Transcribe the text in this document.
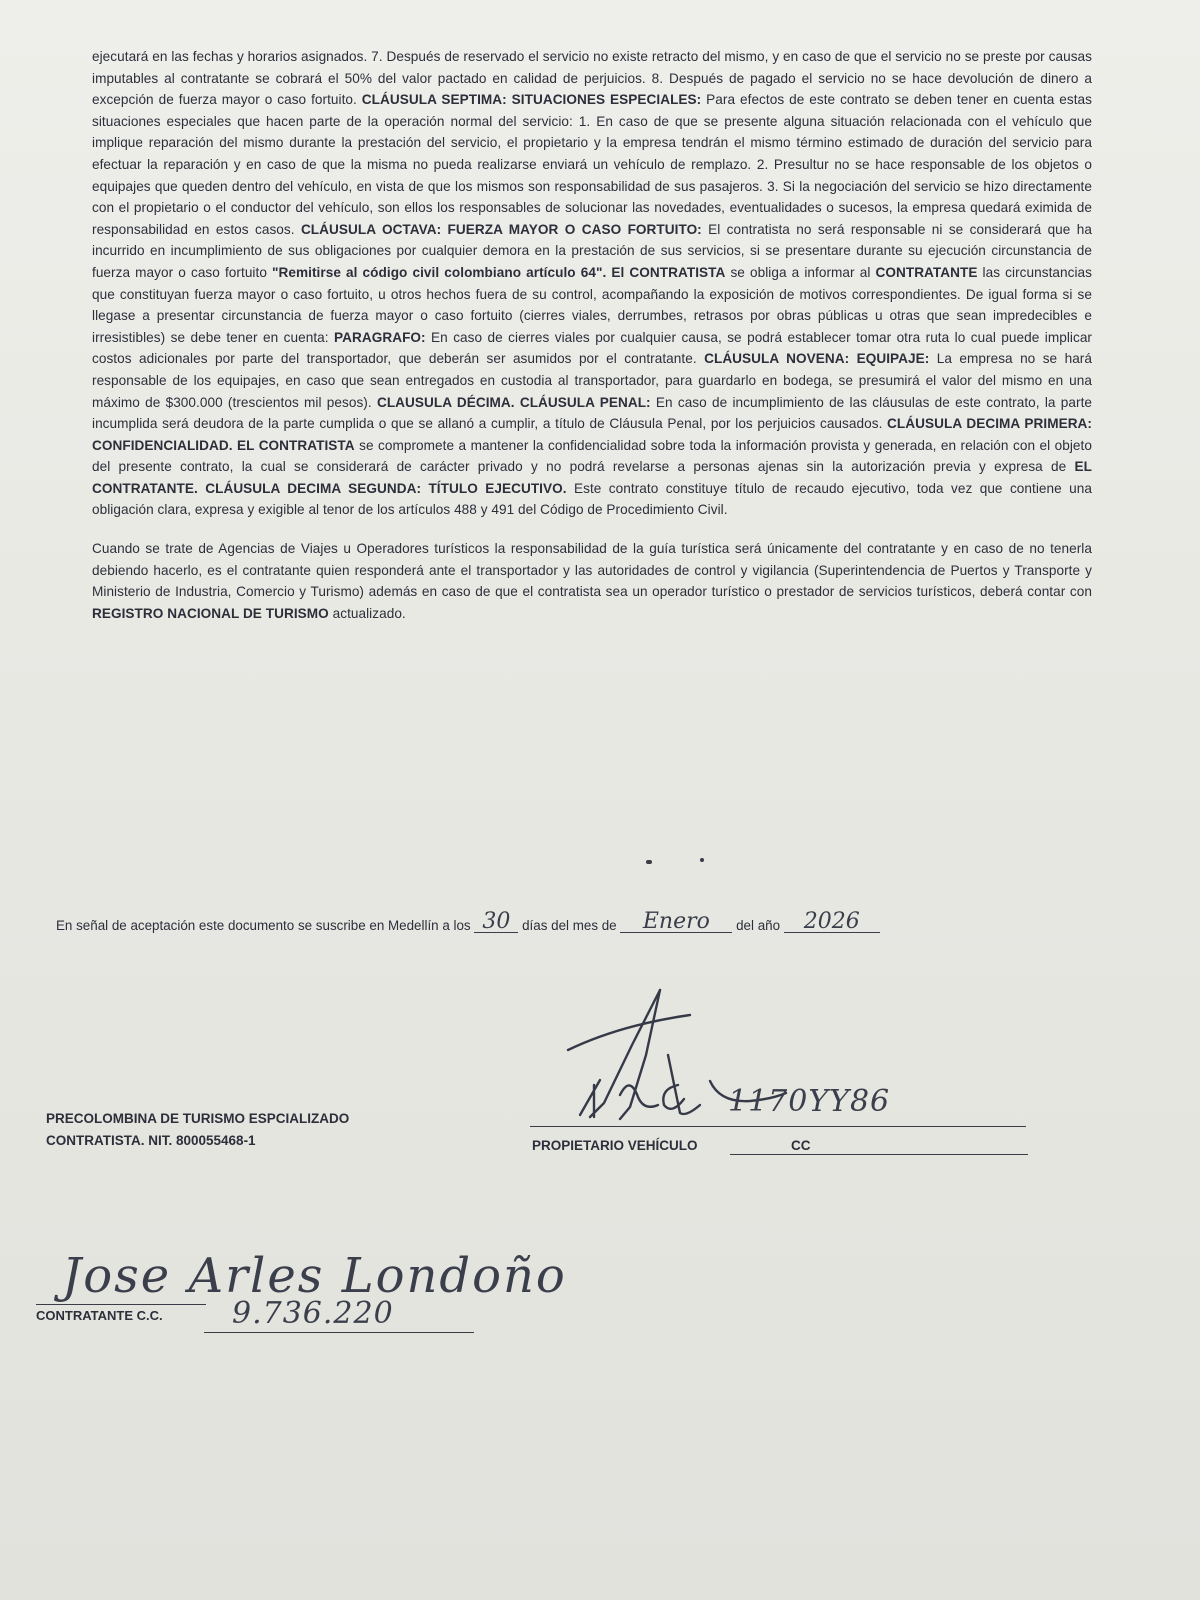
ejecutará en las fechas y horarios asignados. 7. Después de reservado el servicio no existe retracto del mismo, y en caso de que el servicio no se preste por causas imputables al contratante se cobrará el 50% del valor pactado en calidad de perjuicios. 8. Después de pagado el servicio no se hace devolución de dinero a excepción de fuerza mayor o caso fortuito. CLÁUSULA SEPTIMA: SITUACIONES ESPECIALES: Para efectos de este contrato se deben tener en cuenta estas situaciones especiales que hacen parte de la operación normal del servicio: 1. En caso de que se presente alguna situación relacionada con el vehículo que implique reparación del mismo durante la prestación del servicio, el propietario y la empresa tendrán el mismo término estimado de duración del servicio para efectuar la reparación y en caso de que la misma no pueda realizarse enviará un vehículo de remplazo. 2. Presultur no se hace responsable de los objetos o equipajes que queden dentro del vehículo, en vista de que los mismos son responsabilidad de sus pasajeros. 3. Si la negociación del servicio se hizo directamente con el propietario o el conductor del vehículo, son ellos los responsables de solucionar las novedades, eventualidades o sucesos, la empresa quedará eximida de responsabilidad en estos casos. CLÁUSULA OCTAVA: FUERZA MAYOR O CASO FORTUITO: El contratista no será responsable ni se considerará que ha incurrido en incumplimiento de sus obligaciones por cualquier demora en la prestación de sus servicios, si se presentare durante su ejecución circunstancia de fuerza mayor o caso fortuito "Remitirse al código civil colombiano artículo 64". El CONTRATISTA se obliga a informar al CONTRATANTE las circunstancias que constituyan fuerza mayor o caso fortuito, u otros hechos fuera de su control, acompañando la exposición de motivos correspondientes. De igual forma si se llegase a presentar circunstancia de fuerza mayor o caso fortuito (cierres viales, derrumbes, retrasos por obras públicas u otras que sean impredecibles e irresistibles) se debe tener en cuenta: PARAGRAFO: En caso de cierres viales por cualquier causa, se podrá establecer tomar otra ruta lo cual puede implicar costos adicionales por parte del transportador, que deberán ser asumidos por el contratante. CLÁUSULA NOVENA: EQUIPAJE: La empresa no se hará responsable de los equipajes, en caso que sean entregados en custodia al transportador, para guardarlo en bodega, se presumirá el valor del mismo en una máximo de $300.000 (trescientos mil pesos). CLAUSULA DÉCIMA. CLÁUSULA PENAL: En caso de incumplimiento de las cláusulas de este contrato, la parte incumplida será deudora de la parte cumplida o que se allanó a cumplir, a título de Cláusula Penal, por los perjuicios causados. CLÁUSULA DECIMA PRIMERA: CONFIDENCIALIDAD. EL CONTRATISTA se compromete a mantener la confidencialidad sobre toda la información provista y generada, en relación con el objeto del presente contrato, la cual se considerará de carácter privado y no podrá revelarse a personas ajenas sin la autorización previa y expresa de EL CONTRATANTE. CLÁUSULA DECIMA SEGUNDA: TÍTULO EJECUTIVO. Este contrato constituye título de recaudo ejecutivo, toda vez que contiene una obligación clara, expresa y exigible al tenor de los artículos 488 y 491 del Código de Procedimiento Civil.

Cuando se trate de Agencias de Viajes u Operadores turísticos la responsabilidad de la guía turística será únicamente del contratante y en caso de no tenerla debiendo hacerlo, es el contratante quien responderá ante el transportador y las autoridades de control y vigilancia (Superintendencia de Puertos y Transporte y Ministerio de Industria, Comercio y Turismo) además en caso de que el contratista sea un operador turístico o prestador de servicios turísticos, deberá contar con REGISTRO NACIONAL DE TURISMO actualizado.

En señal de aceptación este documento se suscribe en Medellín a los 30 días del mes de	Enero	del año	2026
PRECOLOMBINA DE TURISMO ESPCIALIZADO
CONTRATISTA. NIT. 800055468-1
1170YY86
PROPIETARIO VEHÍCULO	CC
Jose Arles Londoño
CONTRATANTE C.C. 9.736.220
